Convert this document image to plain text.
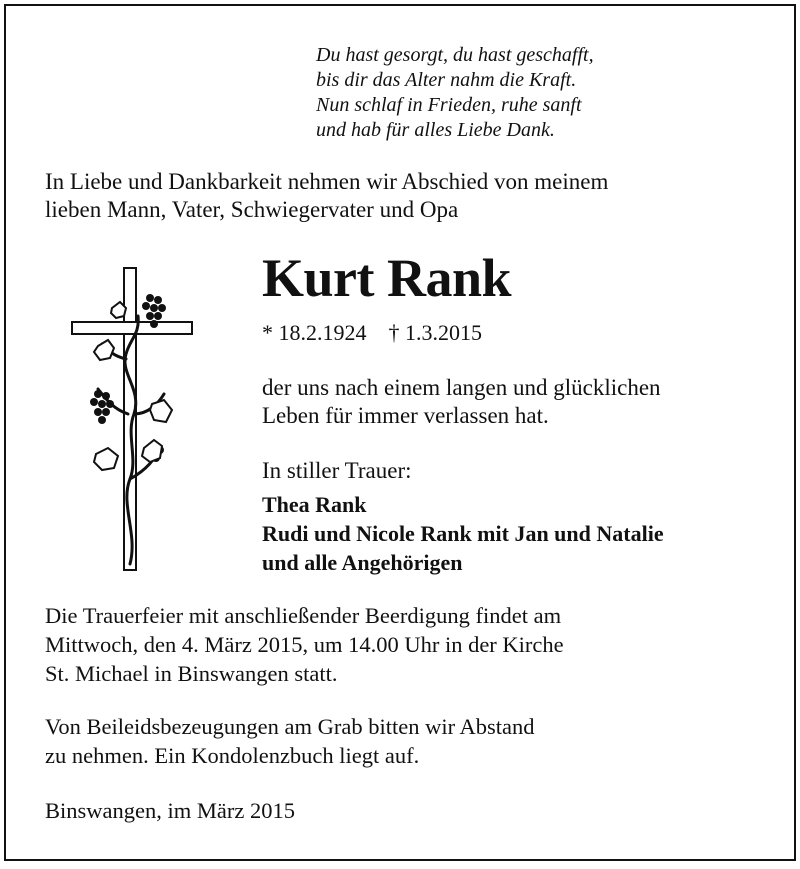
Du hast gesorgt, du hast geschafft,
bis dir das Alter nahm die Kraft.
Nun schlaf in Frieden, ruhe sanft
und hab für alles Liebe Dank.
In Liebe und Dankbarkeit nehmen wir Abschied von meinem
lieben Mann, Vater, Schwiegervater und Opa
Kurt Rank
* 18.2.1924 † 1.3.2015
der uns nach einem langen und glücklichen
Leben für immer verlassen hat.
In stiller Trauer:
Thea Rank
Rudi und Nicole Rank mit Jan und Natalie
und alle Angehörigen
Die Trauerfeier mit anschließender Beerdigung findet am
Mittwoch, den 4. März 2015, um 14.00 Uhr in der Kirche
St. Michael in Binswangen statt.
Von Beileidsbezeugungen am Grab bitten wir Abstand
zu nehmen. Ein Kondolenzbuch liegt auf.
Binswangen, im März 2015
